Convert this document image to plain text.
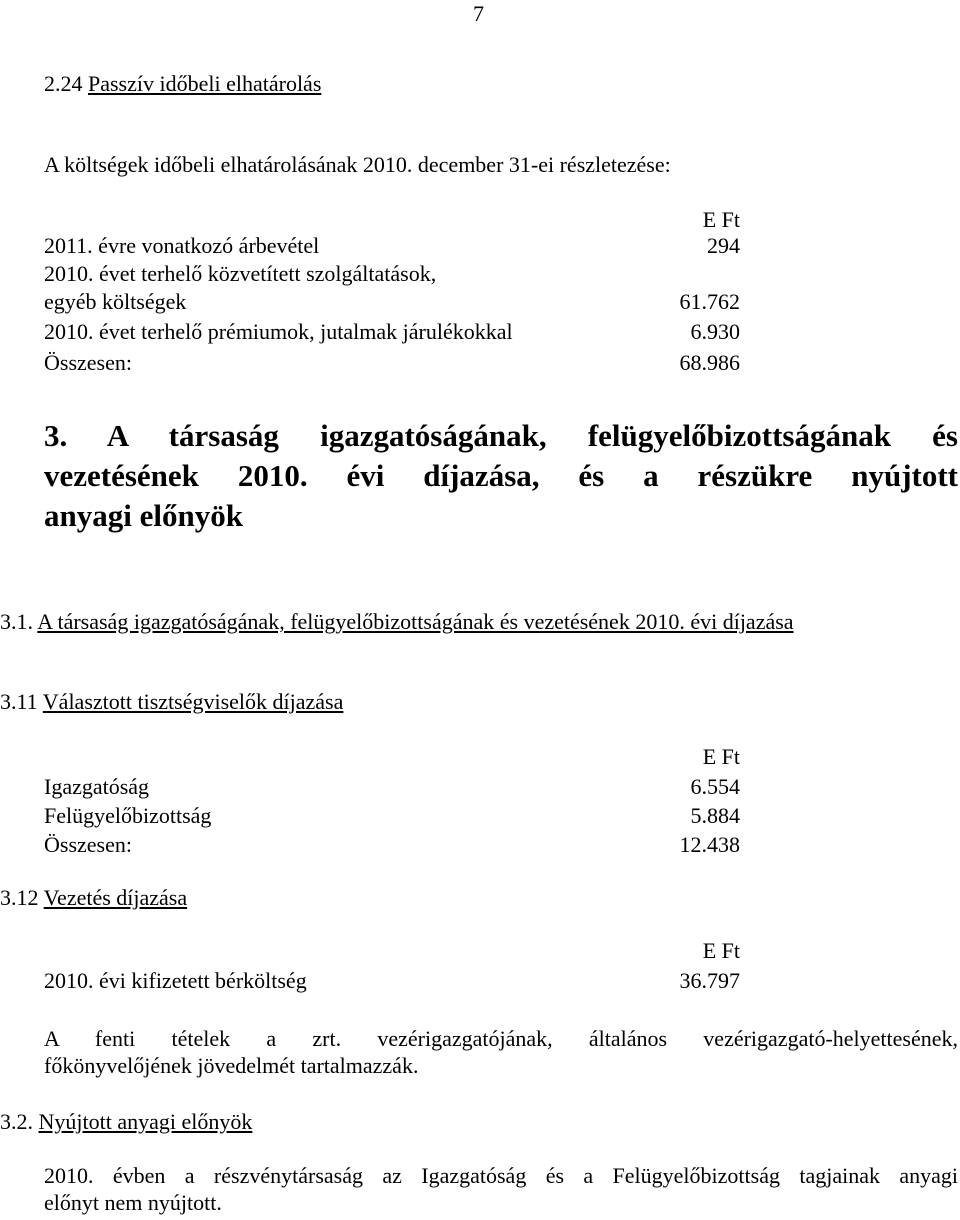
7
2.24 Passzív időbeli elhatárolás
A költségek időbeli elhatárolásának 2010. december 31-ei részletezése:
E Ft
2011. évre vonatkozó árbevétel	294
2010. évet terhelő közvetített szolgáltatások,
egyéb költségek	61.762
2010. évet terhelő prémiumok, jutalmak járulékokkal	6.930
Összesen:	68.986
3. A társaság igazgatóságának, felügyelőbizottságának és
vezetésének 2010. évi díjazása, és a részükre nyújtott
anyagi előnyök
3.1. A társaság igazgatóságának, felügyelőbizottságának és vezetésének 2010. évi díjazása
3.11 Választott tisztségviselők díjazása
E Ft
Igazgatóság	6.554
Felügyelőbizottság	5.884
Összesen:	12.438
3.12 Vezetés díjazása
E Ft
2010. évi kifizetett bérköltség	36.797
A fenti tételek a zrt. vezérigazgatójának, általános vezérigazgató-helyettesének,
főkönyvelőjének jövedelmét tartalmazzák.
3.2. Nyújtott anyagi előnyök
2010. évben a részvénytársaság az Igazgatóság és a Felügyelőbizottság tagjainak anyagi
előnyt nem nyújtott.
